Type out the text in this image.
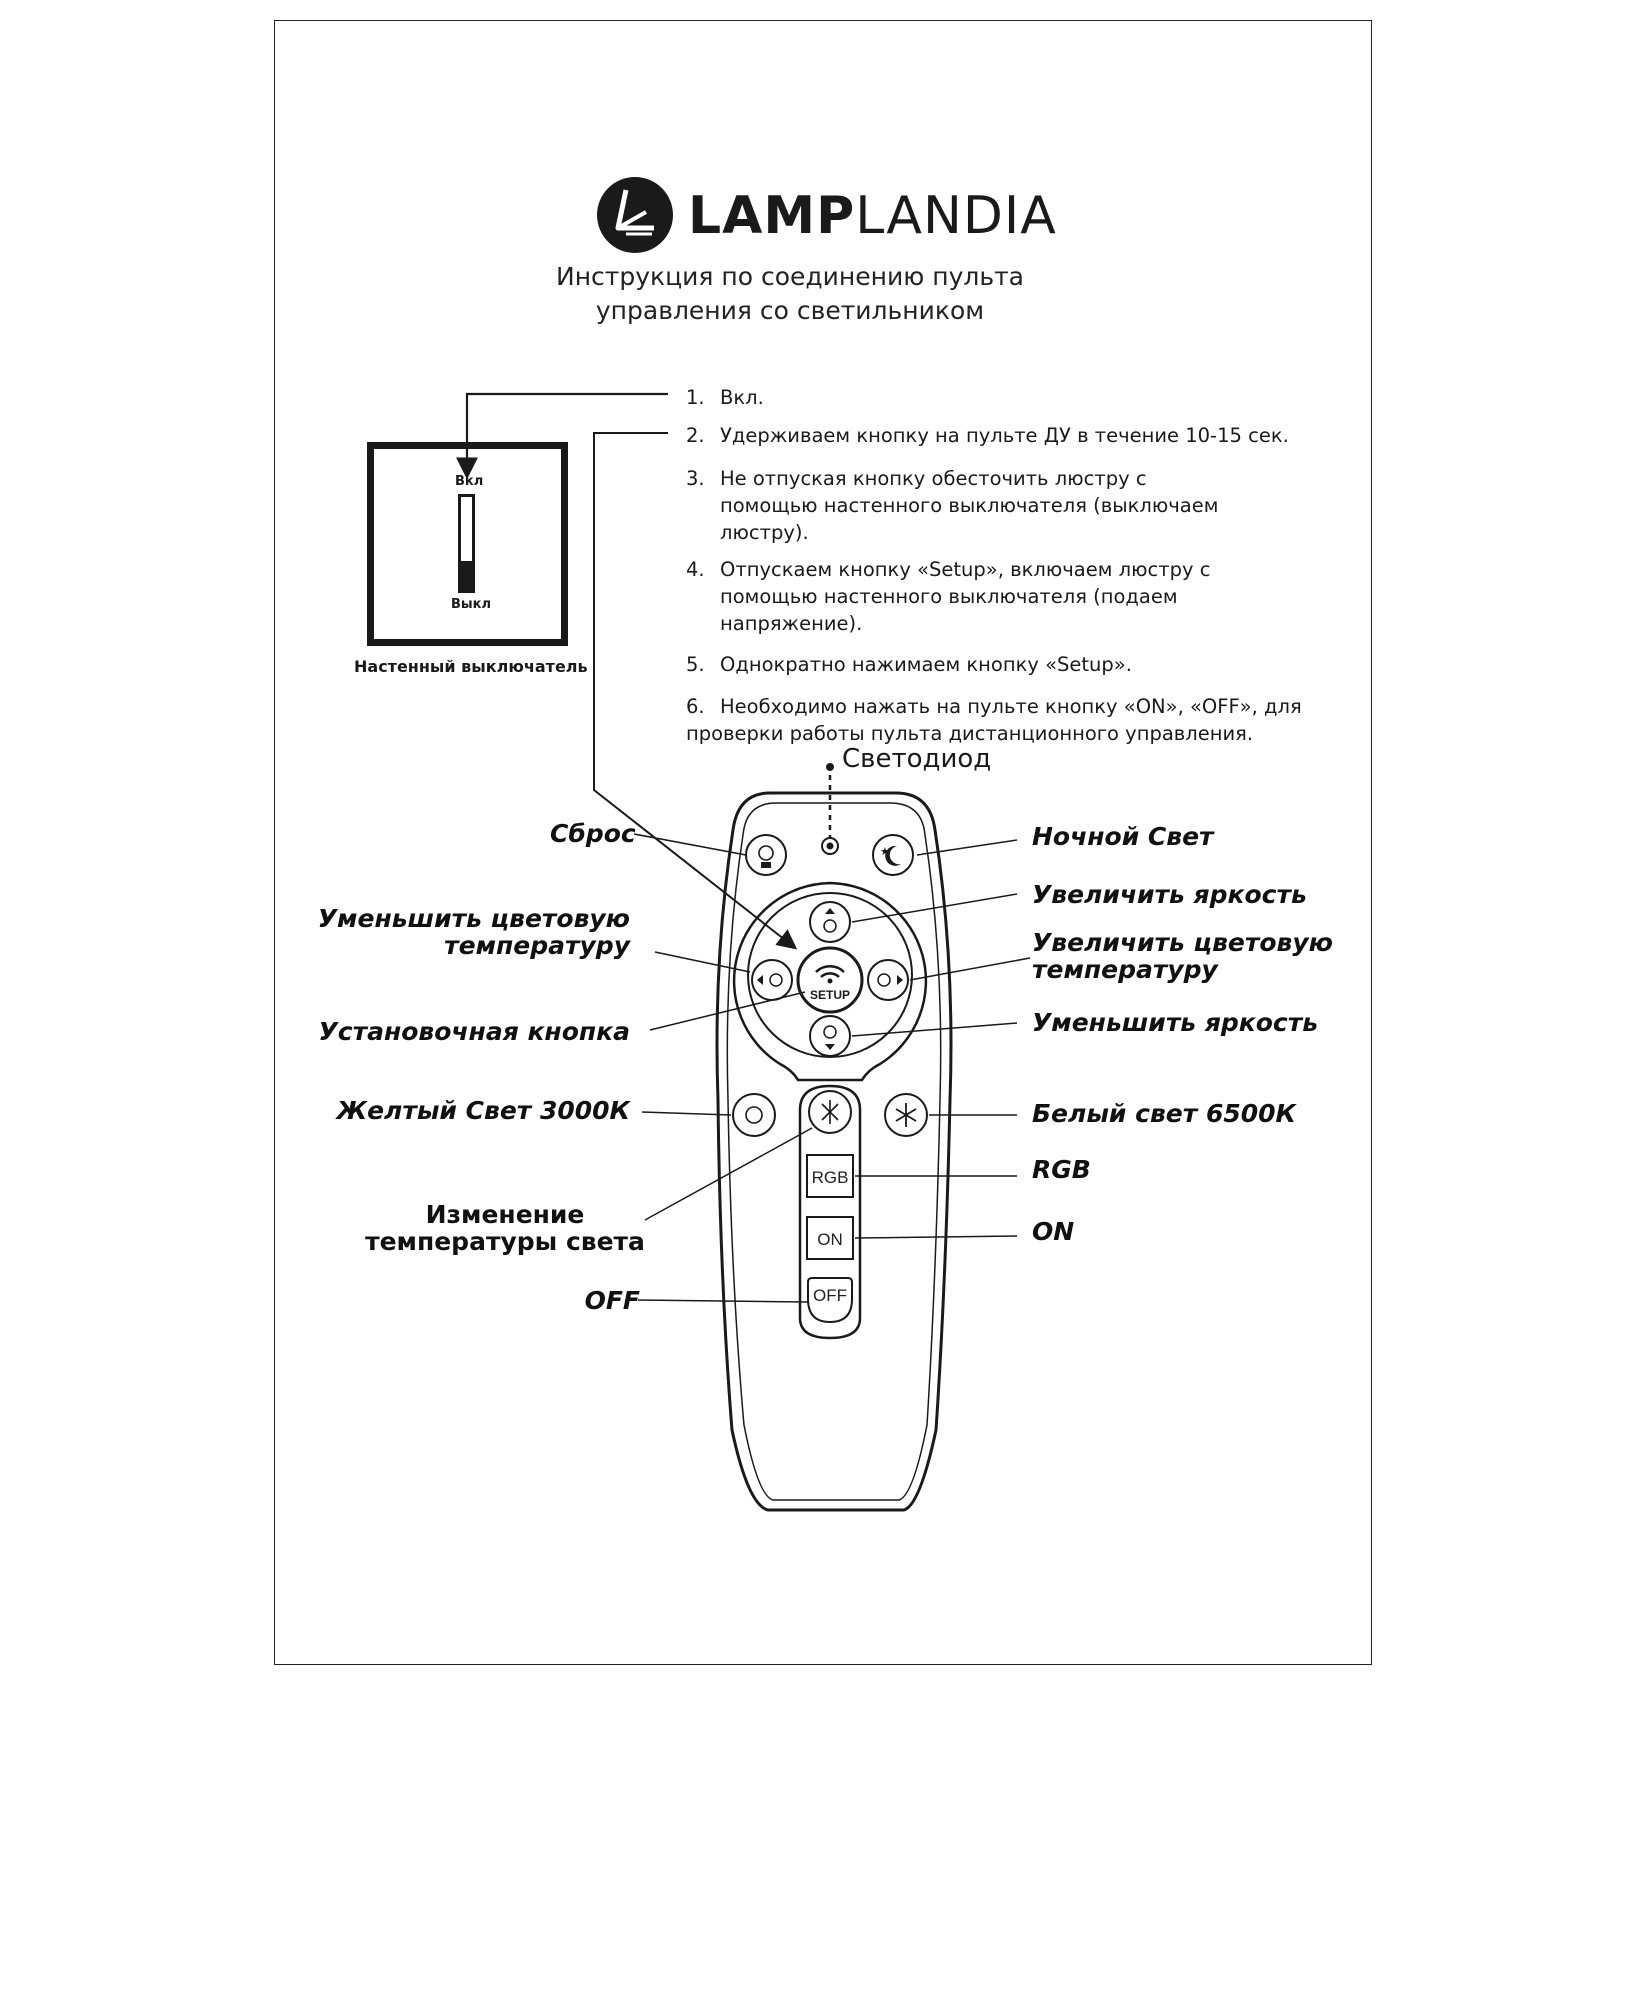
LAMPLANDIA
Инструкция по соединению пульта
управления со светильником
1. Вкл.
2. Удерживаем кнопку на пульте ДУ в течение 10-15 сек.
3. Не отпуская кнопку обесточить люстру с помощью настенного выключателя (выключаем люстру).
4. Отпускаем кнопку «Setup», включаем люстру с помощью настенного выключателя (подаем напряжение).
5. Однократно нажимаем кнопку «Setup».
6. Необходимо нажать на пульте кнопку «ON», «OFF», для проверки работы пульта дистанционного управления.
Вкл
Выкл
Настенный выключатель
Светодиод
★
SETUP
RGB
ON
OFF
Сброс	Ночной Свет
Увеличить яркость
Уменьшить цветовую
температуру	Увеличить цветовую
температуру
Установочная кнопка	Уменьшить яркость
Желтый Свет 3000К	Белый свет 6500К
RGB
Изменение
температуры света	ON
OFF
